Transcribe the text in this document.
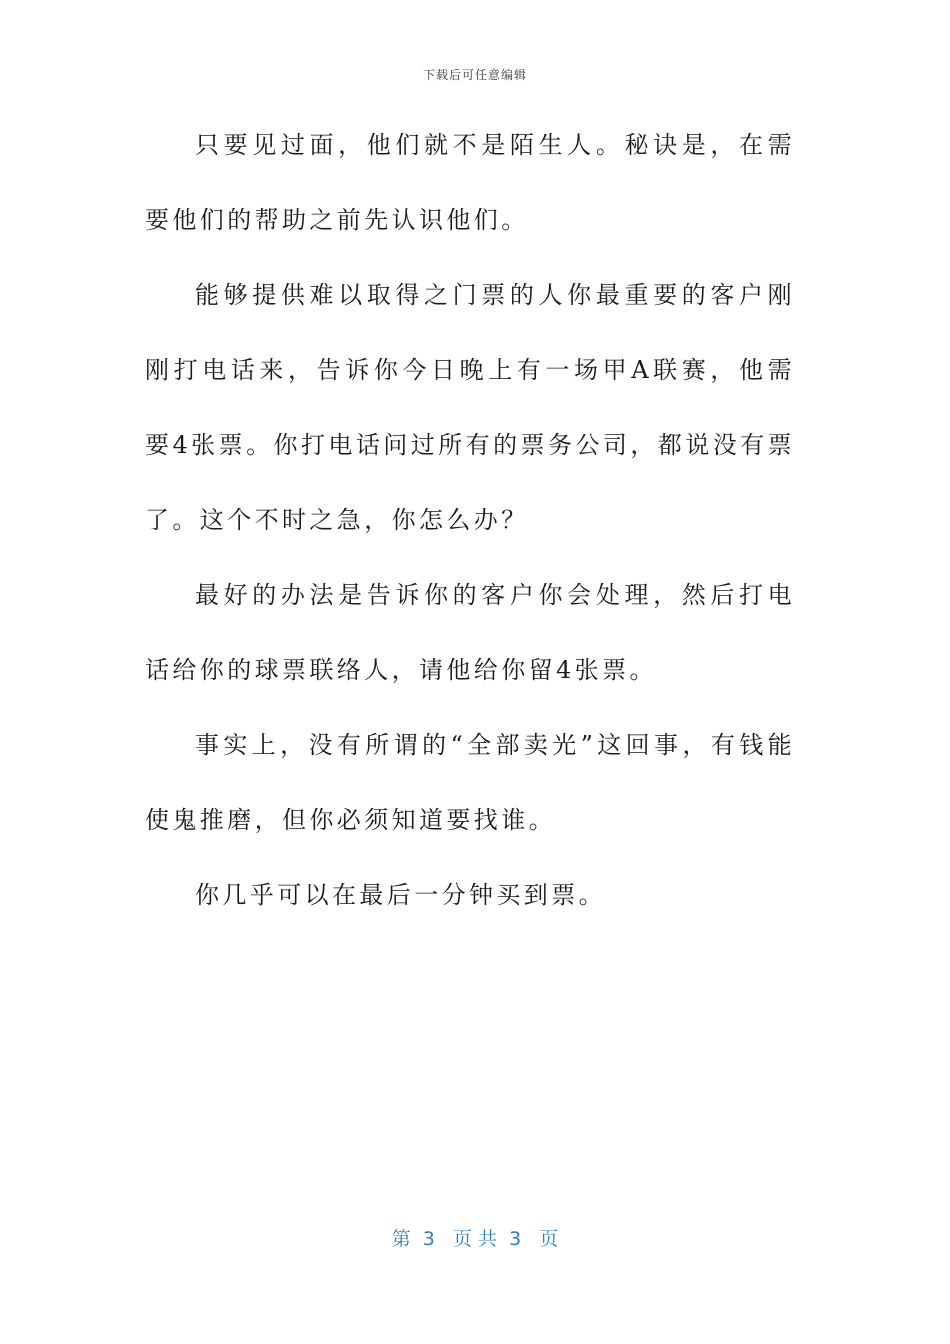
下载后可任意编辑

只要见过面，他们就不是陌生人。秘诀是，在需要他们的帮助之前先认识他们。

能够提供难以取得之门票的人你最重要的客户刚刚打电话来，告诉你今日晚上有一场甲A联赛，他需要4张票。你打电话问过所有的票务公司，都说没有票了。这个不时之急，你怎么办？

最好的办法是告诉你的客户你会处理，然后打电话给你的球票联络人，请他给你留4张票。

事实上，没有所谓的“全部卖光”这回事，有钱能使鬼推磨，但你必须知道要找谁。

你几乎可以在最后一分钟买到票。

第  3   页 共  3   页
